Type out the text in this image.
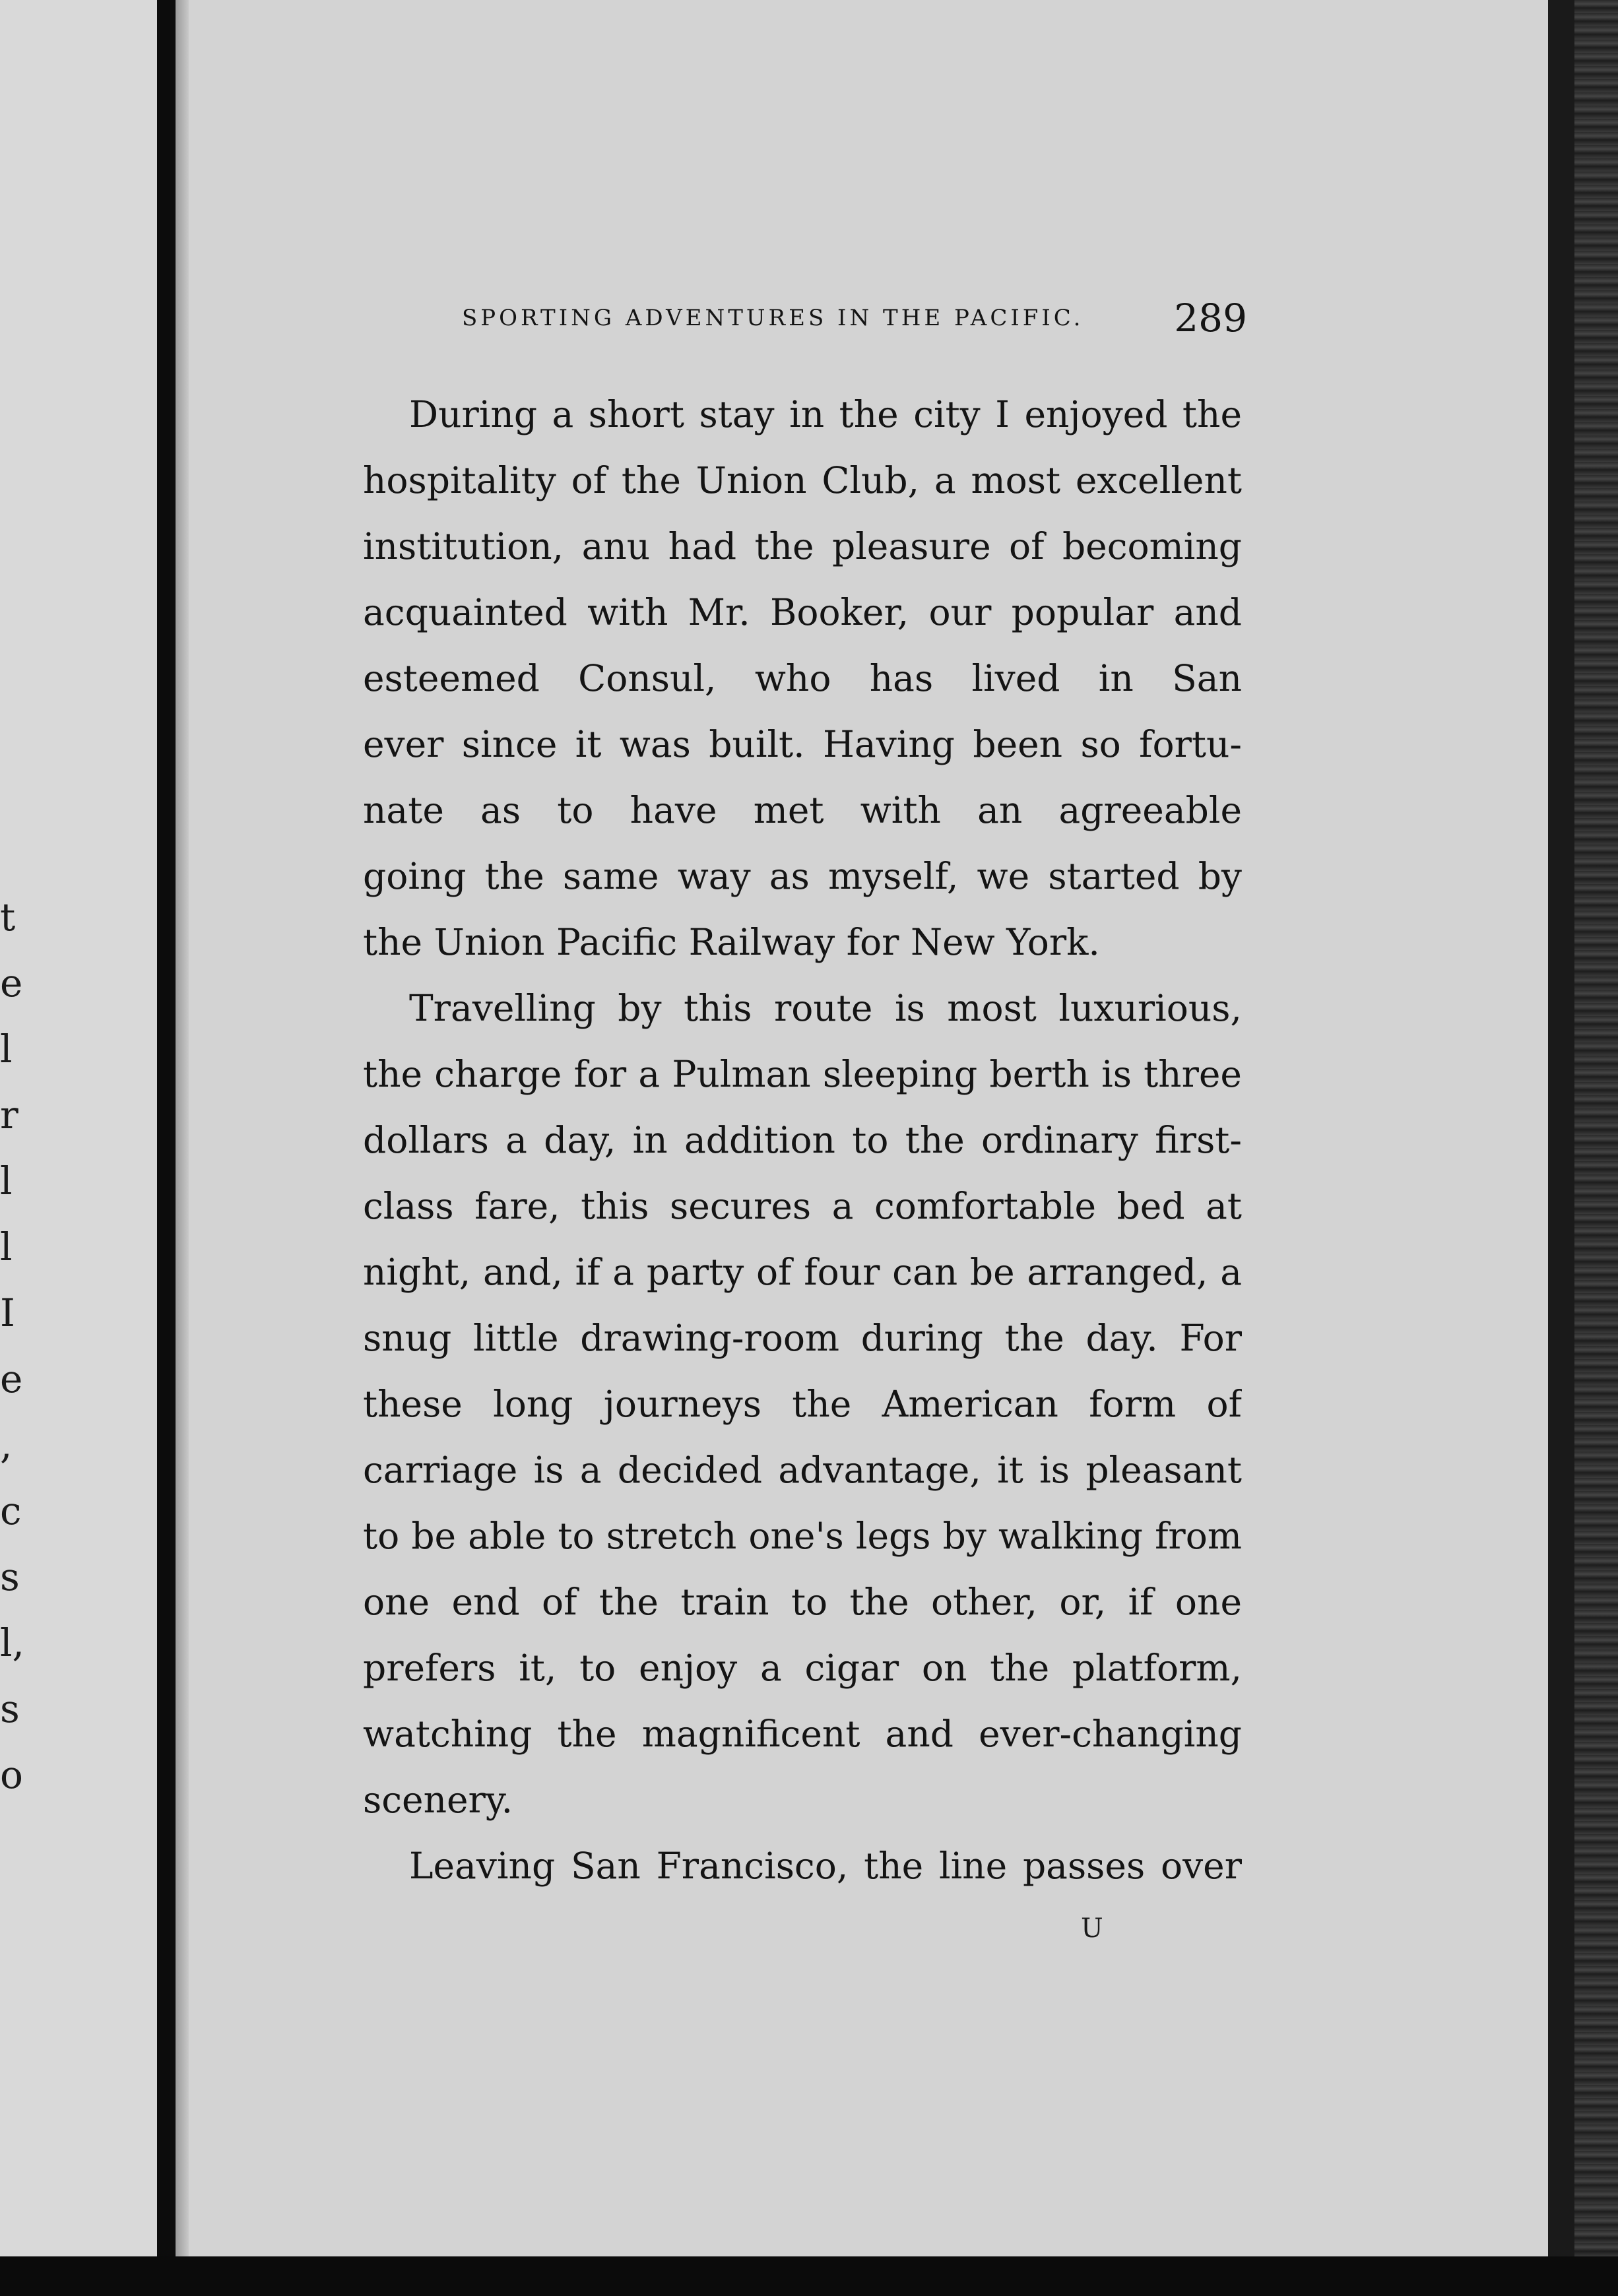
t
e
l
r
l
l
I
e
,
c
s
l,
s
o
SPORTING ADVENTURES IN THE PACIFIC. 289
During a short stay in the city I enjoyed the
hospitality of the Union Club, a most excellent
institution, anu had the pleasure of becoming
acquainted with Mr. Booker, our popular and
esteemed Consul, who has lived in San
ever since it was built. Having been so fortu-
nate as to have met with an agreeable
going the same way as myself, we started by
the Union Pacific Railway for New York.
Travelling by this route is most luxurious,
the charge for a Pulman sleeping berth is three
dollars a day, in addition to the ordinary first-
class fare, this secures a comfortable bed at
night, and, if a party of four can be arranged, a
snug little drawing-room during the day. For
these long journeys the American form of
carriage is a decided advantage, it is pleasant
to be able to stretch one's legs by walking from
one end of the train to the other, or, if one
prefers it, to enjoy a cigar on the platform,
watching the magnificent and ever-changing
scenery.
Leaving San Francisco, the line passes over
U
